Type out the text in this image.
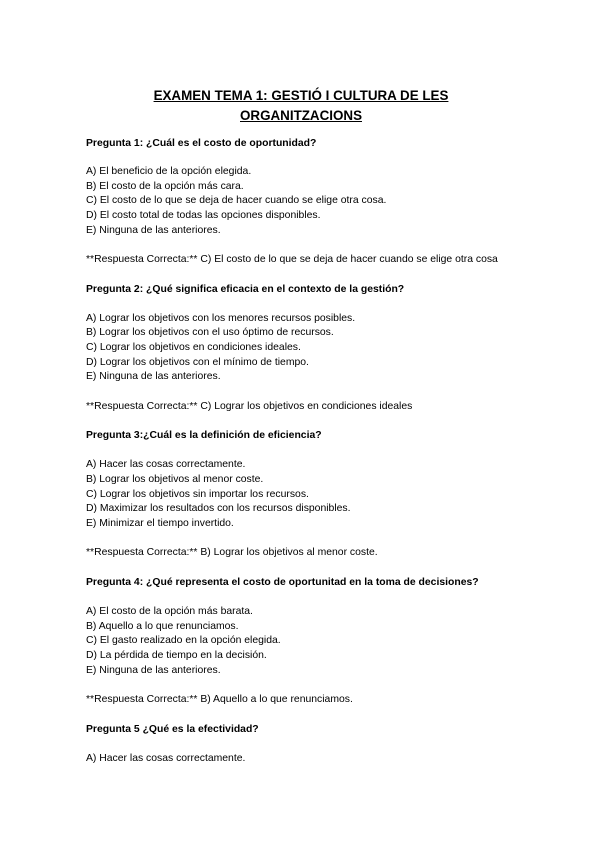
EXAMEN TEMA 1: GESTIÓ I CULTURA DE LES
ORGANITZACIONS
Pregunta 1: ¿Cuál es el costo de oportunidad?
A) El beneficio de la opción elegida.
B) El costo de la opción más cara.
C) El costo de lo que se deja de hacer cuando se elige otra cosa.
D) El costo total de todas las opciones disponibles.
E) Ninguna de las anteriores.
**Respuesta Correcta:** C) El costo de lo que se deja de hacer cuando se elige otra cosa
Pregunta 2: ¿Qué significa eficacia en el contexto de la gestión?
A) Lograr los objetivos con los menores recursos posibles.
B) Lograr los objetivos con el uso óptimo de recursos.
C) Lograr los objetivos en condiciones ideales.
D) Lograr los objetivos con el mínimo de tiempo.
E) Ninguna de las anteriores.
**Respuesta Correcta:** C) Lograr los objetivos en condiciones ideales
Pregunta 3:¿Cuál es la definición de eficiencia?
A) Hacer las cosas correctamente.
B) Lograr los objetivos al menor coste.
C) Lograr los objetivos sin importar los recursos.
D) Maximizar los resultados con los recursos disponibles.
E) Minimizar el tiempo invertido.
**Respuesta Correcta:** B) Lograr los objetivos al menor coste.
Pregunta 4: ¿Qué representa el costo de oportunitad en la toma de decisiones?
A) El costo de la opción más barata.
B) Aquello a lo que renunciamos.
C) El gasto realizado en la opción elegida.
D) La pérdida de tiempo en la decisión.
E) Ninguna de las anteriores.
**Respuesta Correcta:** B) Aquello a lo que renunciamos.
Pregunta 5 ¿Qué es la efectividad?
A) Hacer las cosas correctamente.
